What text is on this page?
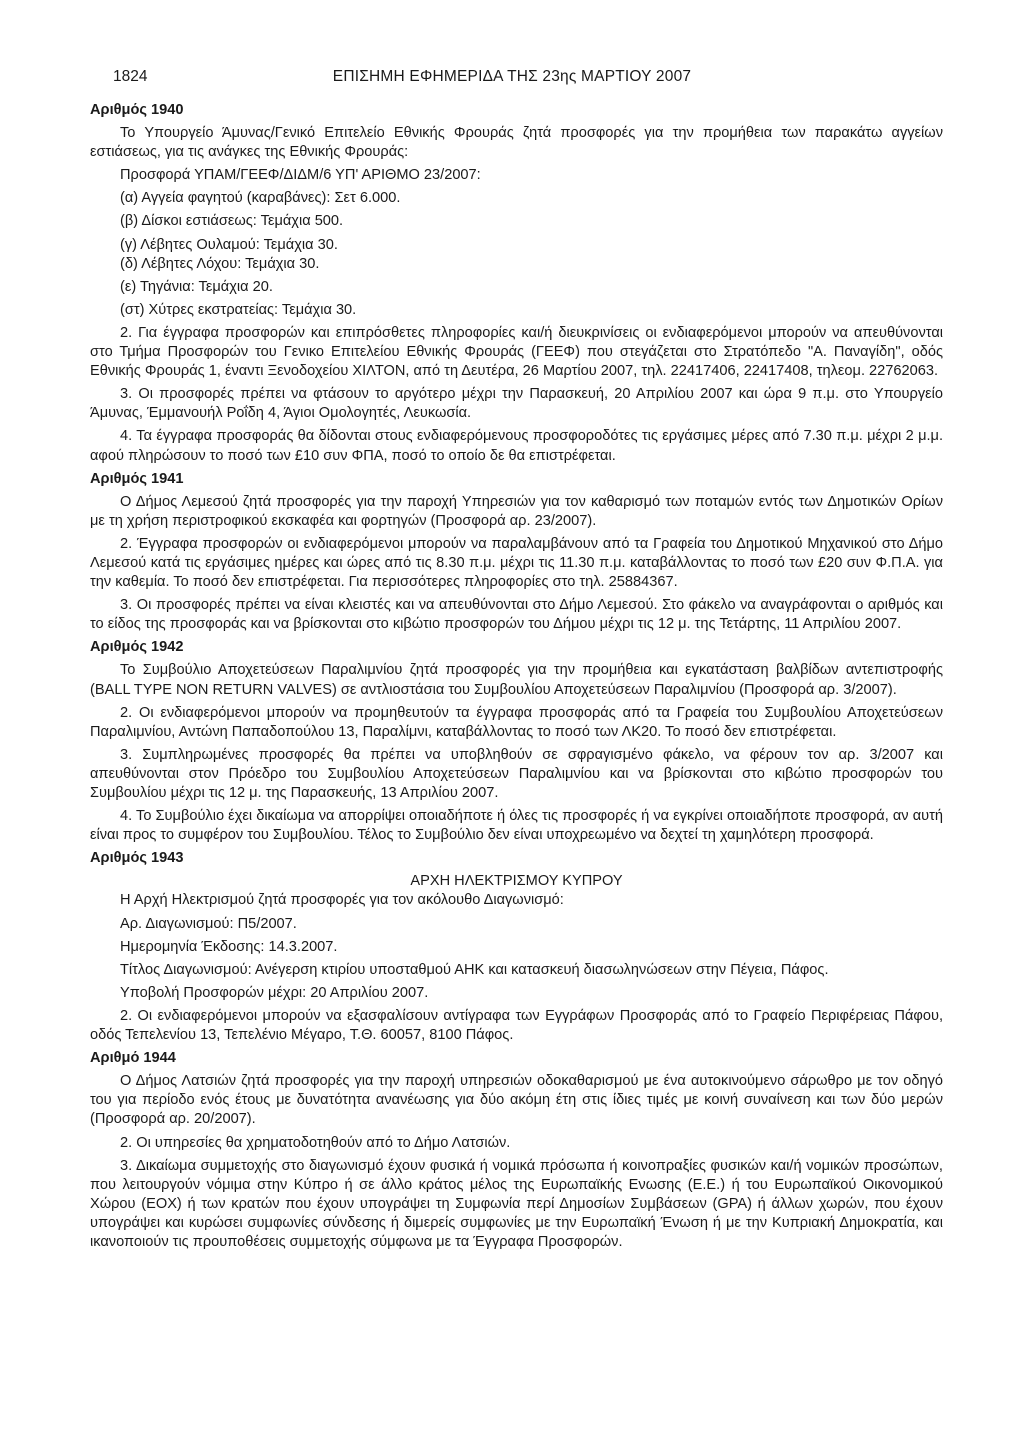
1824	ΕΠΙΣΗΜΗ ΕΦΗΜΕΡΙΔΑ ΤΗΣ 23ης ΜΑΡΤΙΟΥ 2007

Αριθμός 1940

Το Υπουργείο Άμυνας/Γενικό Επιτελείο Εθνικής Φρουράς ζητά προσφορές για την προμήθεια των παρακάτω αγγείων εστιάσεως, για τις ανάγκες της Εθνικής Φρουράς:

Προσφορά ΥΠΑΜ/ΓΕΕΦ/ΔΙΔΜ/6 ΥΠ' ΑΡΙΘΜΟ 23/2007:

(α) Αγγεία φαγητού (καραβάνες): Σετ 6.000.

(β) Δίσκοι εστιάσεως: Τεμάχια 500.

(γ) Λέβητες Ουλαμού: Τεμάχια 30.

(δ) Λέβητες Λόχου: Τεμάχια 30.

(ε) Τηγάνια: Τεμάχια 20.

(στ) Χύτρες εκστρατείας: Τεμάχια 30.

2. Για έγγραφα προσφορών και επιπρόσθετες πληροφορίες και/ή διευκρινίσεις οι ενδιαφερόμενοι μπορούν να απευθύνονται στο Τμήμα Προσφορών του Γενικο Επιτελείου Εθνικής Φρουράς (ΓΕΕΦ) που στεγάζεται στο Στρατόπεδο "Α. Παναγίδη", οδός Εθνικής Φρουράς 1, έναντι Ξενοδοχείου ΧΙΛΤΟΝ, από τη Δευτέρα, 26 Μαρτίου 2007, τηλ. 22417406, 22417408, τηλεομ. 22762063.

3. Οι προσφορές πρέπει να φτάσουν το αργότερο μέχρι την Παρασκευή, 20 Απριλίου 2007 και ώρα 9 π.μ. στο Υπουργείο Άμυνας, Έμμανουήλ Ροΐδη 4, Άγιοι Ομολογητές, Λευκωσία.

4. Τα έγγραφα προσφοράς θα δίδονται στους ενδιαφερόμενους προσφοροδότες τις εργάσιμες μέρες από 7.30 π.μ. μέχρι 2 μ.μ. αφού πληρώσουν το ποσό των £10 συν ΦΠΑ, ποσό το οποίο δε θα επιστρέφεται.

Αριθμός 1941

Ο Δήμος Λεμεσού ζητά προσφορές για την παροχή Υπηρεσιών για τον καθαρισμό των ποταμών εντός των Δημοτικών Ορίων με τη χρήση περιστροφικού εκσκαφέα και φορτηγών (Προσφορά αρ. 23/2007).

2. Έγγραφα προσφορών οι ενδιαφερόμενοι μπορούν να παραλαμβάνουν από τα Γραφεία του Δημοτικού Μηχανικού στο Δήμο Λεμεσού κατά τις εργάσιμες ημέρες και ώρες από τις 8.30 π.μ. μέχρι τις 11.30 π.μ. καταβάλλοντας το ποσό των £20 συν Φ.Π.Α. για την καθεμία. Το ποσό δεν επιστρέφεται. Για περισσότερες πληροφορίες στο τηλ. 25884367.

3. Οι προσφορές πρέπει να είναι κλειστές και να απευθύνονται στο Δήμο Λεμεσού. Στο φάκελο να αναγράφονται ο αριθμός και το είδος της προσφοράς και να βρίσκονται στο κιβώτιο προσφορών του Δήμου μέχρι τις 12 μ. της Τετάρτης, 11 Απριλίου 2007.

Αριθμός 1942

Το Συμβούλιο Αποχετεύσεων Παραλιμνίου ζητά προσφορές για την προμήθεια και εγκατάσταση βαλβίδων αντεπιστροφής (BALL TYPE NON RETURN VALVES) σε αντλιοστάσια του Συμβουλίου Αποχετεύσεων Παραλιμνίου (Προσφορά αρ. 3/2007).

2. Οι ενδιαφερόμενοι μπορούν να προμηθευτούν τα έγγραφα προσφοράς από τα Γραφεία του Συμβουλίου Αποχετεύσεων Παραλιμνίου, Αντώνη Παπαδοπούλου 13, Παραλίμνι, καταβάλλοντας το ποσό των ΛΚ20. Το ποσό δεν επιστρέφεται.

3. Συμπληρωμένες προσφορές θα πρέπει να υποβληθούν σε σφραγισμένο φάκελο, να φέρουν τον αρ. 3/2007 και απευθύνονται στον Πρόεδρο του Συμβουλίου Αποχετεύσεων Παραλιμνίου και να βρίσκονται στο κιβώτιο προσφορών του Συμβουλίου μέχρι τις 12 μ. της Παρασκευής, 13 Απριλίου 2007.

4. Το Συμβούλιο έχει δικαίωμα να απορρίψει οποιαδήποτε ή όλες τις προσφορές ή να εγκρίνει οποιαδήποτε προσφορά, αν αυτή είναι προς το συμφέρον του Συμβουλίου. Τέλος το Συμβούλιο δεν είναι υποχρεωμένο να δεχτεί τη χαμηλότερη προσφορά.

Αριθμός 1943

ΑΡΧΗ ΗΛΕΚΤΡΙΣΜΟΥ ΚΥΠΡΟΥ

Η Αρχή Ηλεκτρισμού ζητά προσφορές για τον ακόλουθο Διαγωνισμό:

Αρ. Διαγωνισμού: Π5/2007.

Ημερομηνία Έκδοσης: 14.3.2007.

Τίτλος Διαγωνισμού: Ανέγερση κτιρίου υποσταθμού ΑΗΚ και κατασκευή διασωληνώσεων στην Πέγεια, Πάφος.

Υποβολή Προσφορών μέχρι: 20 Απριλίου 2007.

2. Οι ενδιαφερόμενοι μπορούν να εξασφαλίσουν αντίγραφα των Εγγράφων Προσφοράς από το Γραφείο Περιφέρειας Πάφου, οδός Τεπελενίου 13, Τεπελένιο Μέγαρο, Τ.Θ. 60057, 8100 Πάφος.

Αριθμό 1944

Ο Δήμος Λατσιών ζητά προσφορές για την παροχή υπηρεσιών οδοκαθαρισμού με ένα αυτοκινούμενο σάρωθρο με τον οδηγό του για περίοδο ενός έτους με δυνατότητα ανανέωσης για δύο ακόμη έτη στις ίδιες τιμές με κοινή συναίνεση και των δύο μερών (Προσφορά αρ. 20/2007).

2. Οι υπηρεσίες θα χρηματοδοτηθούν από το Δήμο Λατσιών.

3. Δικαίωμα συμμετοχής στο διαγωνισμό έχουν φυσικά ή νομικά πρόσωπα ή κοινοπραξίες φυσικών και/ή νομικών προσώπων, που λειτουργούν νόμιμα στην Κύπρο ή σε άλλο κράτος μέλος της Ευρωπαϊκής Ενωσης (Ε.Ε.) ή του Ευρωπαϊκού Οικονομικού Χώρου (ΕΟΧ) ή των κρατών που έχουν υπογράψει τη Συμφωνία περί Δημοσίων Συμβάσεων (GPA) ή άλλων χωρών, που έχουν υπογράψει και κυρώσει συμφωνίες σύνδεσης ή διμερείς συμφωνίες με την Ευρωπαϊκή Ένωση ή με την Κυπριακή Δημοκρατία, και ικανοποιούν τις προυποθέσεις συμμετοχής σύμφωνα με τα Έγγραφα Προσφορών.
